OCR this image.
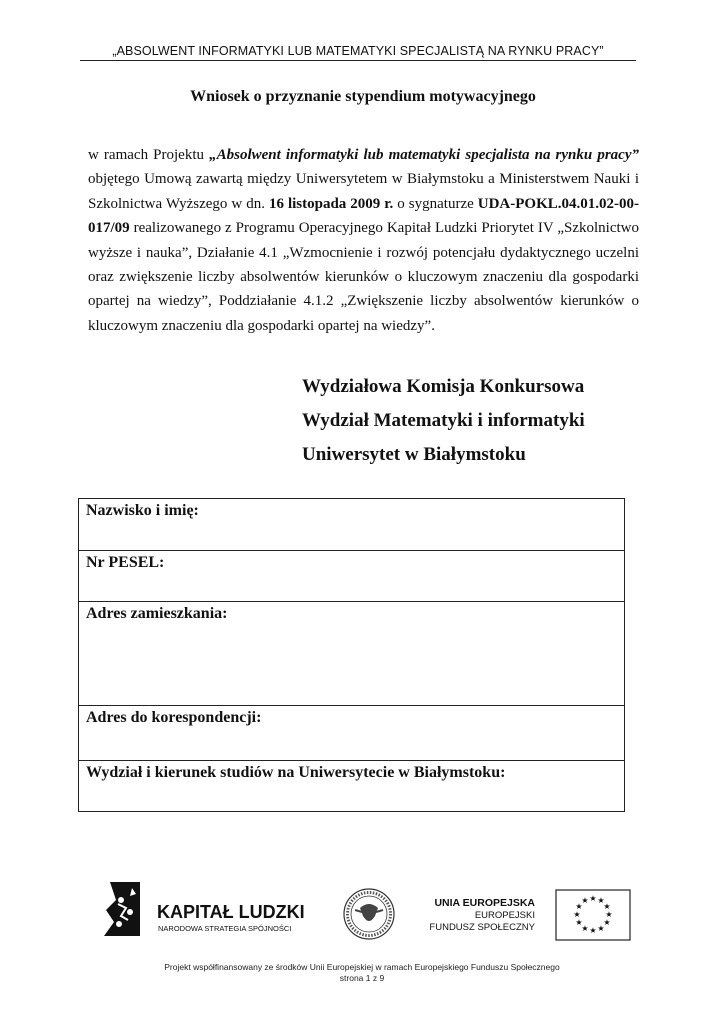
„ABSOLWENT INFORMATYKI LUB MATEMATYKI SPECJALISTĄ NA RYNKU PRACY”
Wniosek o przyznanie stypendium motywacyjnego
w ramach Projektu „Absolwent informatyki lub matematyki specjalista na rynku pracy” objętego Umową zawartą między Uniwersytetem w Białymstoku a Ministerstwem Nauki i Szkolnictwa Wyższego w dn. 16 listopada 2009 r. o sygnaturze UDA-POKL.04.01.02-00-017/09 realizowanego z Programu Operacyjnego Kapitał Ludzki Priorytet IV „Szkolnictwo wyższe i nauka”, Działanie 4.1 „Wzmocnienie i rozwój potencjału dydaktycznego uczelni oraz zwiększenie liczby absolwentów kierunków o kluczowym znaczeniu dla gospodarki opartej na wiedzy”, Poddziałanie 4.1.2 „Zwiększenie liczby absolwentów kierunków o kluczowym znaczeniu dla gospodarki opartej na wiedzy”.
Wydziałowa Komisja Konkursowa
Wydział Matematyki i informatyki
Uniwersytet w Białymstoku
Nazwisko i imię:
Nr PESEL:
Adres zamieszkania:
Adres do korespondencji:
Wydział i kierunek studiów na Uniwersytecie w Białymstoku:
KAPITAŁ LUDZKI
NARODOWA STRATEGIA SPÓJNOŚCI
UNIA EUROPEJSKA
EUROPEJSKI
FUNDUSZ SPOŁECZNY
★ ★
★
★
★
★
★
★
★
★
★
★
Projekt współfinansowany ze środków Unii Europejskiej w ramach Europejskiego Funduszu Społecznego
strona 1 z 9
